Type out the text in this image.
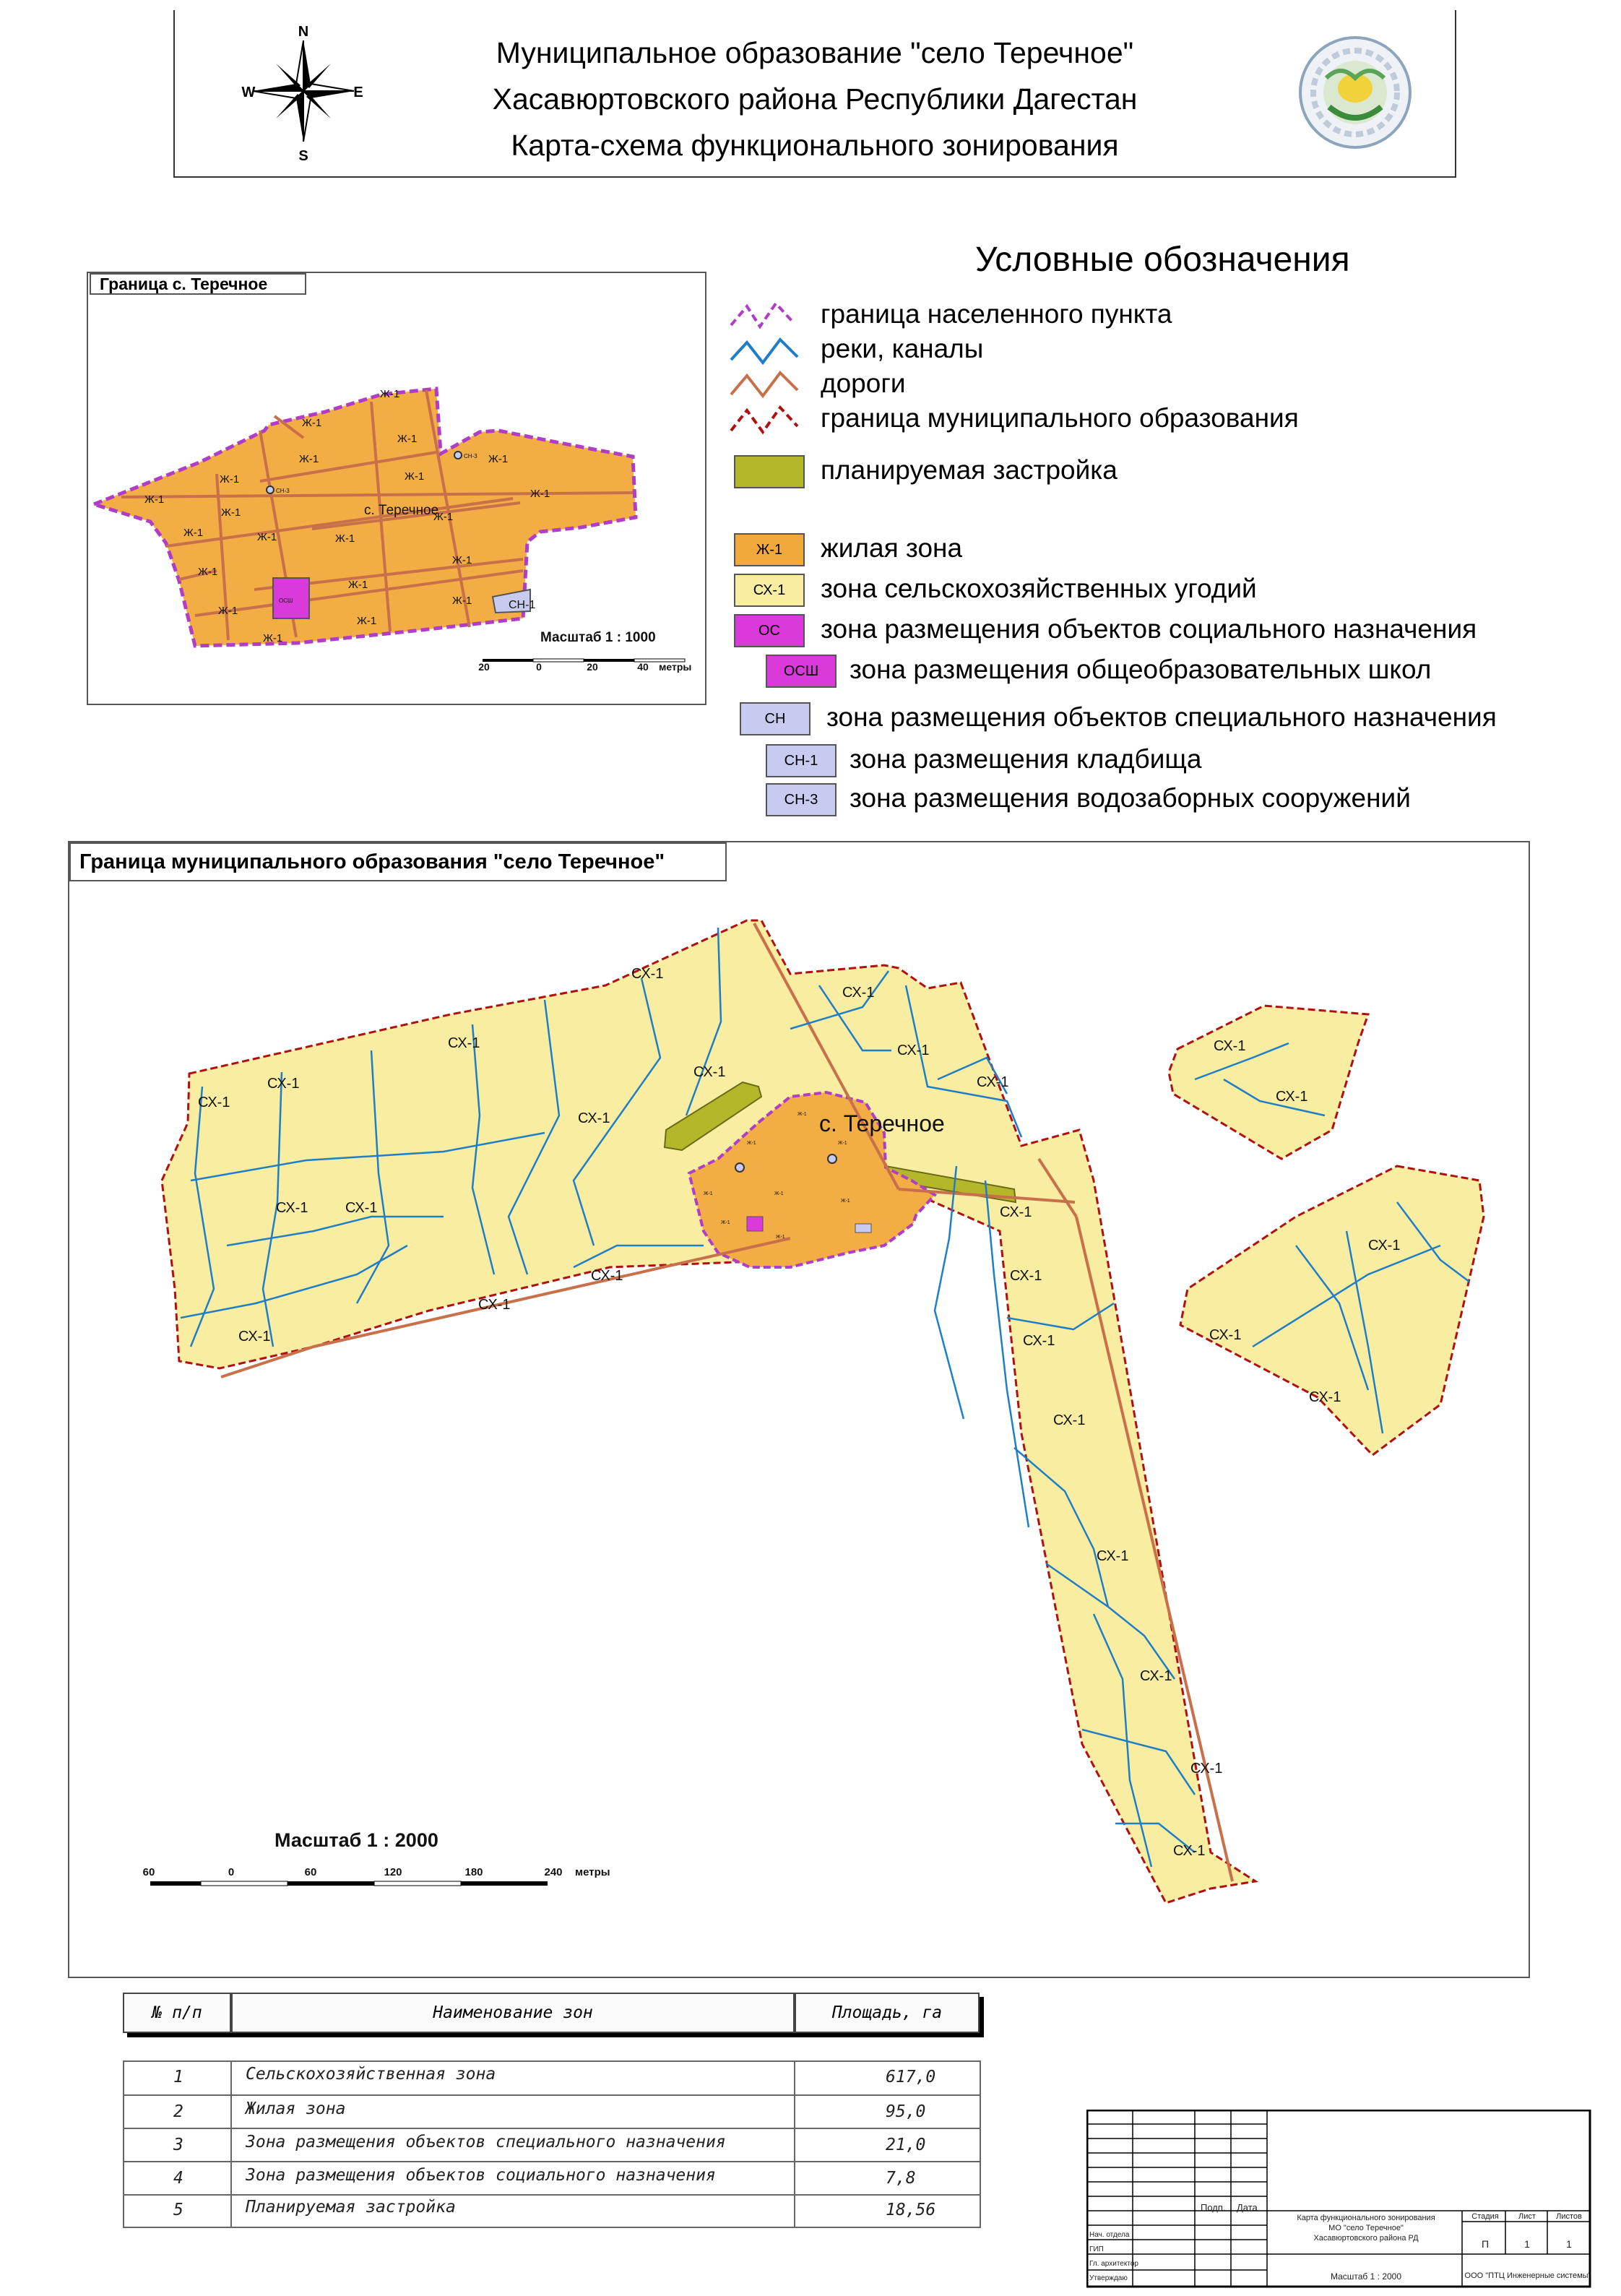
Муниципальное образование "село Теречное"
Хасавюртовского района Республики Дагестан
Карта-схема функционального зонирования
N
S
W	E
Условные обозначения
граница населенного пункта
реки, каналы
дороги
граница муниципального образования
планируемая застройка
Ж-1	жилая зона
СХ-1	зона сельскохозяйственных угодий
ОС	зона размещения объектов социального назначения
ОСШ	зона размещения общеобразовательных школ
СН	зона размещения объектов специального назначения
СН-1	зона размещения кладбища
СН-3	зона размещения водозаборных сооружений
Ж-1
Ж-1
Ж-1
Ж-1
Ж-1
Ж-1
Ж-1
Ж-1
Ж-1
Ж-1	Ж-1
Ж-1	Ж-1	Ж-1
Ж-1
Ж-1
Ж-1
Ж-1
Ж-1
Ж-1
Ж-1
с. Теречное
СН-1
ОСШ
СН-3
СН-3
Масштаб 1 : 1000
20	0	20	40 метры
Граница с. Теречное
СХ-1
СХ-1
СХ-1
СХ-1
СХ-1
СХ-1
СХ-1
СХ-1
СХ-1
СХ-1	СХ-1
СХ-1
СХ-1
СХ-1
СХ-1
СХ-1
СХ-1
СХ-1
СХ-1
СХ-1
СХ-1
СХ-1
СХ-1
СХ-1
СХ-1
СХ-1
СХ-1
Ж-1
Ж-1	Ж-1
Ж-1	Ж-1
Ж-1
Ж-1
Ж-1
с. Теречное
Масштаб 1 : 2000
60	0	60	120	180	240 метры
Граница муниципального образования "село Теречное"
№ п/п	Наименование зон	Площадь, га
1	Сельскохозяйственная зона	617,0
2	Жилая зона	95,0
3	Зона размещения объектов специального назначения	21,0
4	Зона размещения объектов социального назначения	7,8
5	Планируемая застройка	18,56	Подп. Дата
Нач. отдела
ГИП
Гл. архитектор
Утверждаю
Карта функционального зонирования
МО "село Теречное"
Хасавюртовского района РД
Стадия	Лист	Листов
П	1	1
Масштаб 1 : 2000	ООО "ПТЦ Инженерные системы"
